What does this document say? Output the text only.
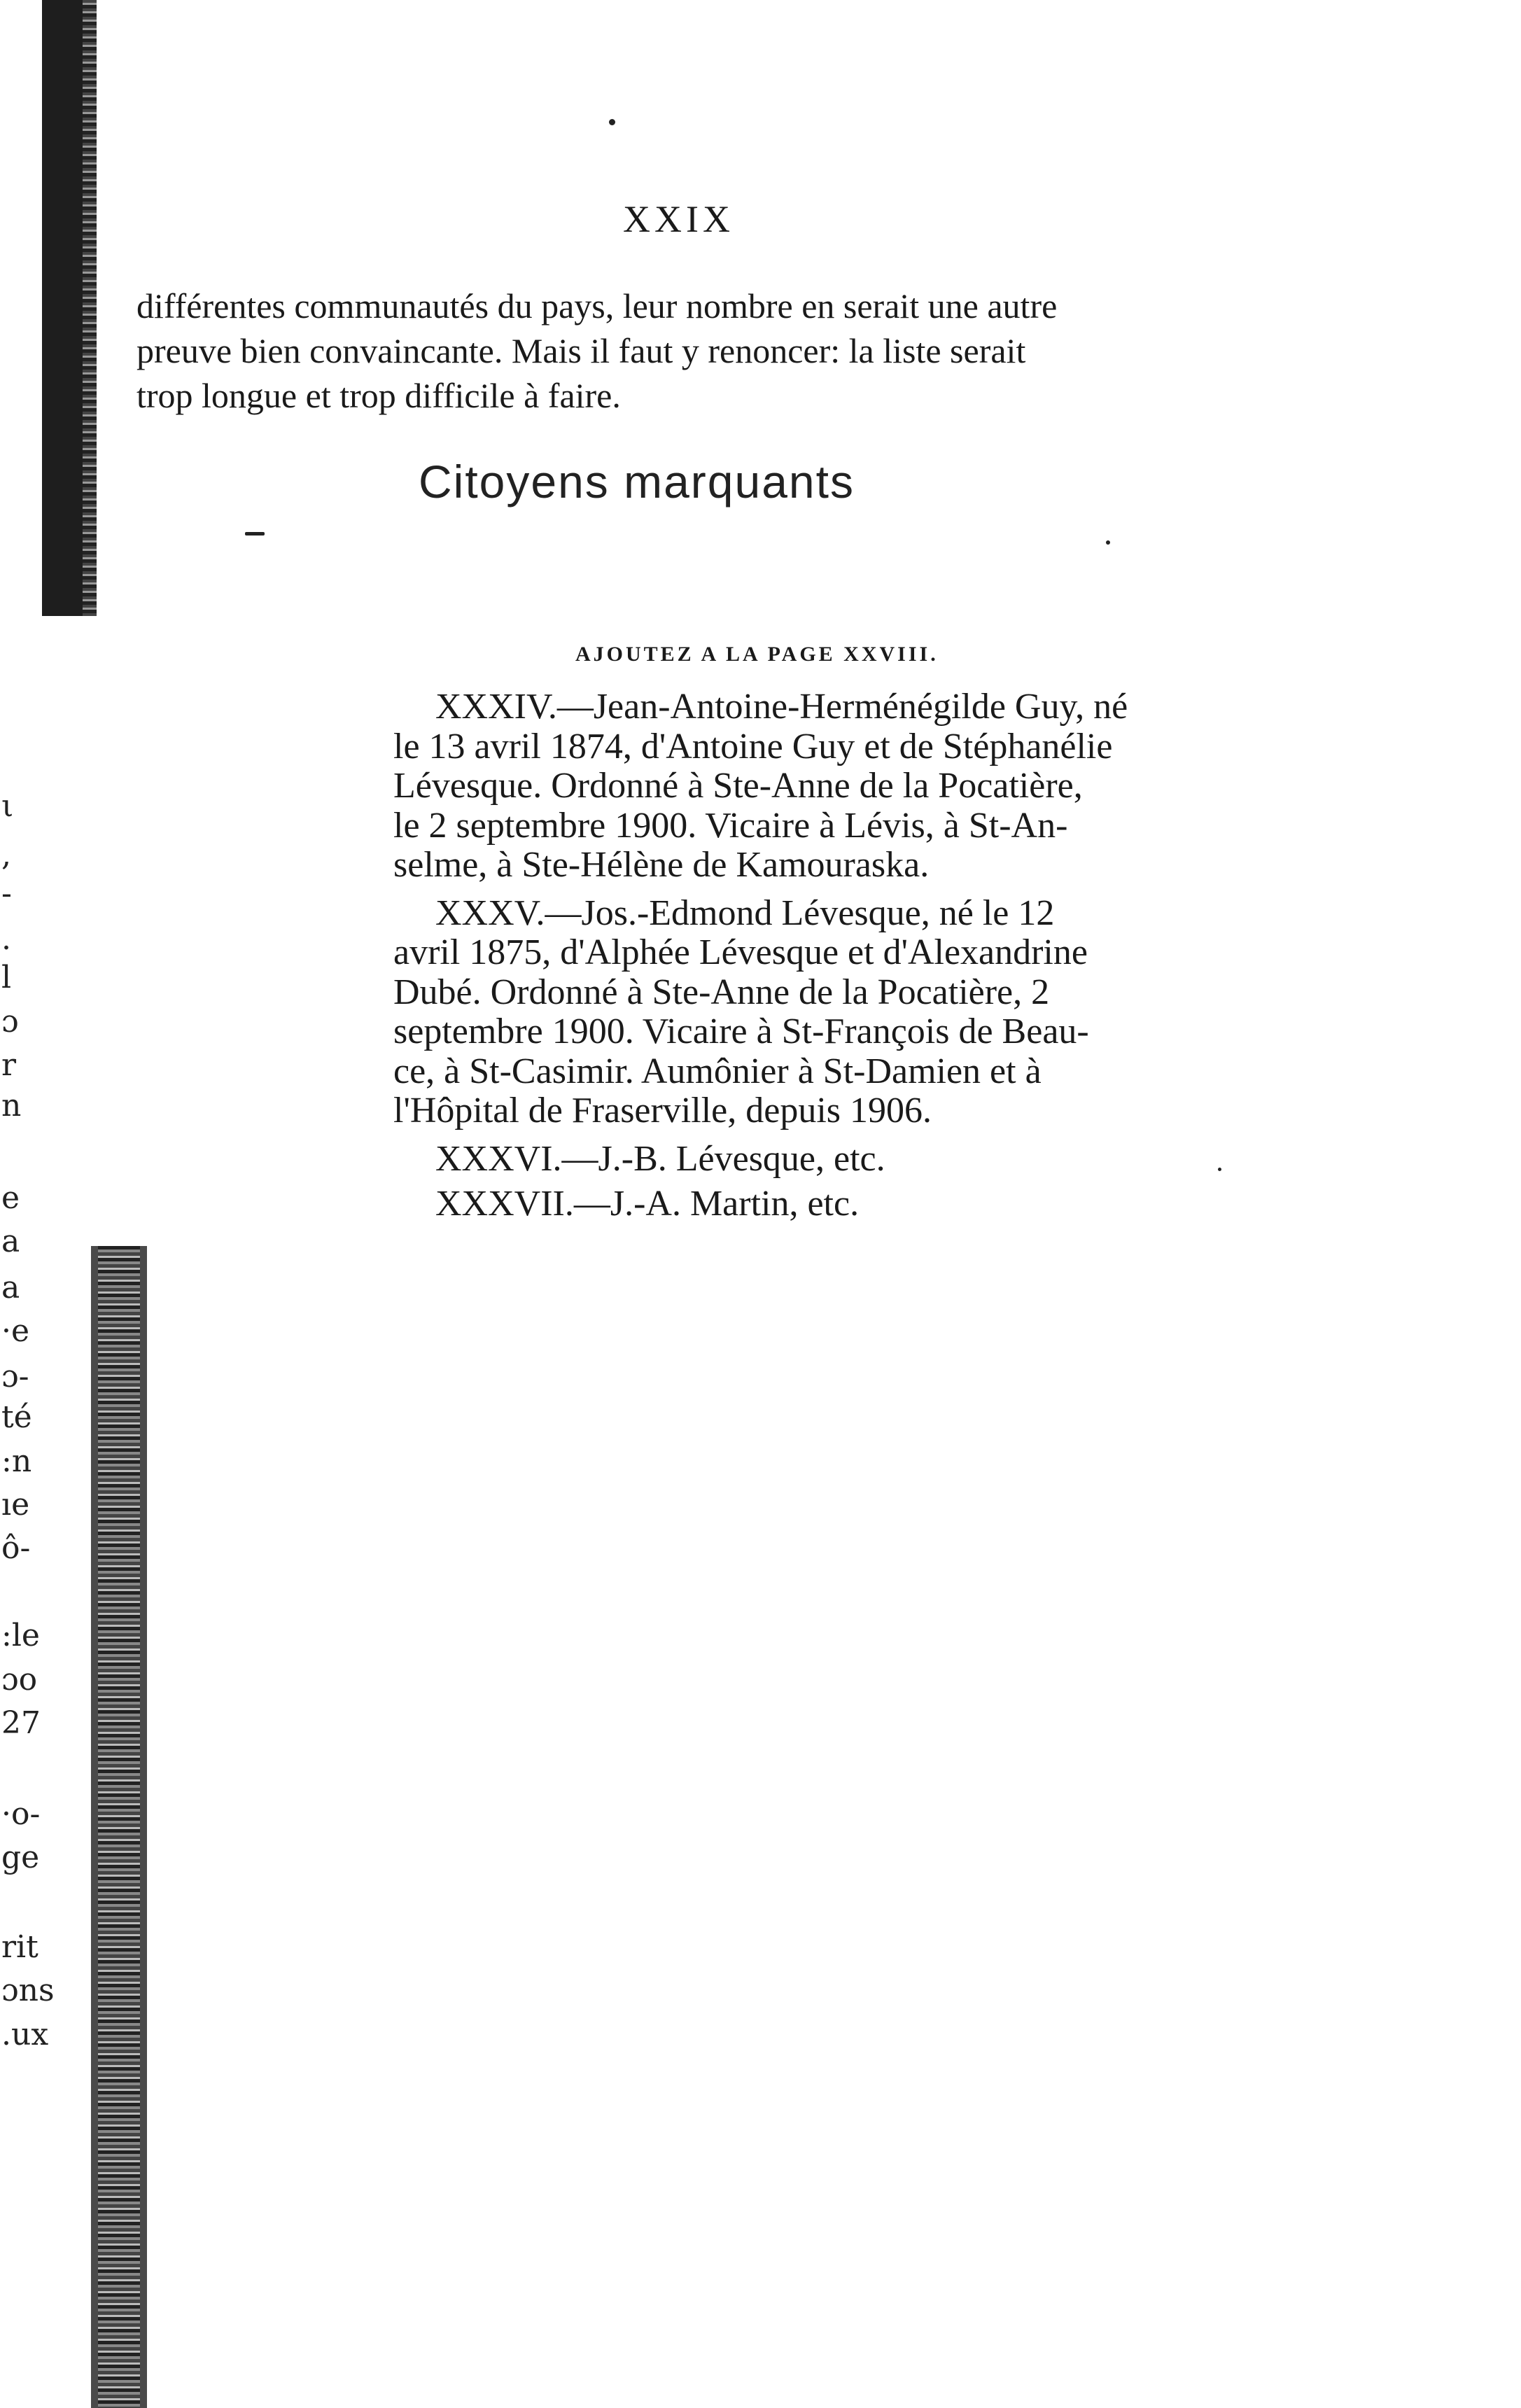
ι
,
-
.
l
ɔ
r
n
e
a
a
·e
ɔ-
té
:n
ıe
ô-
:le
ɔo
27
·o-
ge
rit
ɔns
.ux
XXIX
différentes communautés du pays, leur nombre en serait une autre
preuve bien convaincante. Mais il faut y renoncer: la liste serait
trop longue et trop difficile à faire.
Citoyens marquants
AJOUTEZ A LA PAGE XXVIII.
XXXIV.—Jean-Antoine-Herménégilde Guy, né
le 13 avril 1874, d'Antoine Guy et de Stéphanélie
Lévesque. Ordonné à Ste-Anne de la Pocatière,
le 2 septembre 1900. Vicaire à Lévis, à St-An-
selme, à Ste-Hélène de Kamouraska.
XXXV.—Jos.-Edmond Lévesque, né le 12
avril 1875, d'Alphée Lévesque et d'Alexandrine
Dubé. Ordonné à Ste-Anne de la Pocatière, 2
septembre 1900. Vicaire à St-François de Beau-
ce, à St-Casimir. Aumônier à St-Damien et à
l'Hôpital de Fraserville, depuis 1906.
XXXVI.—J.-B. Lévesque, etc.
XXXVII.—J.-A. Martin, etc.
